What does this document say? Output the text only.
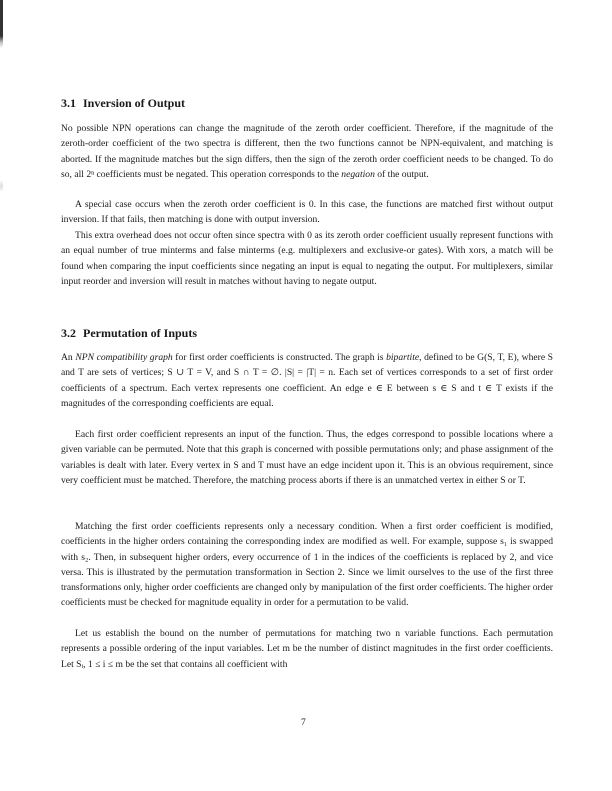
3.1 Inversion of Output

No possible NPN operations can change the magnitude of the zeroth order coefficient. Therefore, if the magnitude of the zeroth-order coefficient of the two spectra is different, then the two functions cannot be NPN-equivalent, and matching is aborted. If the magnitude matches but the sign differs, then the sign of the zeroth order coefficient needs to be changed. To do so, all 2ⁿ coefficients must be negated. This operation corresponds to the negation of the output.

A special case occurs when the zeroth order coefficient is 0. In this case, the functions are matched first without output inversion. If that fails, then matching is done with output inversion.

This extra overhead does not occur often since spectra with 0 as its zeroth order coefficient usually represent functions with an equal number of true minterms and false minterms (e.g. multiplexers and exclusive-or gates). With xors, a match will be found when comparing the input coefficients since negating an input is equal to negating the output. For multiplexers, similar input reorder and inversion will result in matches without having to negate output.

3.2 Permutation of Inputs

An NPN compatibility graph for first order coefficients is constructed. The graph is bipartite, defined to be G(S, T, E), where S and T are sets of vertices; S ∪ T = V, and S ∩ T = ∅. |S| = |T| = n. Each set of vertices corresponds to a set of first order coefficients of a spectrum. Each vertex represents one coefficient. An edge e ∈ E between s ∈ S and t ∈ T exists if the magnitudes of the corresponding coefficients are equal.

Each first order coefficient represents an input of the function. Thus, the edges correspond to possible locations where a given variable can be permuted. Note that this graph is concerned with possible permutations only; and phase assignment of the variables is dealt with later. Every vertex in S and T must have an edge incident upon it. This is an obvious requirement, since very coefficient must be matched. Therefore, the matching process aborts if there is an unmatched vertex in either S or T.

Matching the first order coefficients represents only a necessary condition. When a first order coefficient is modified, coefficients in the higher orders containing the corresponding index are modified as well. For example, suppose s₁ is swapped with s₂. Then, in subsequent higher orders, every occurrence of 1 in the indices of the coefficients is replaced by 2, and vice versa. This is illustrated by the permutation transformation in Section 2. Since we limit ourselves to the use of the first three transformations only, higher order coefficients are changed only by manipulation of the first order coefficients. The higher order coefficients must be checked for magnitude equality in order for a permutation to be valid.

Let us establish the bound on the number of permutations for matching two n variable functions. Each permutation represents a possible ordering of the input variables. Let m be the number of distinct magnitudes in the first order coefficients. Let Sᵢ, 1 ≤ i ≤ m be the set that contains all coefficient with

7
